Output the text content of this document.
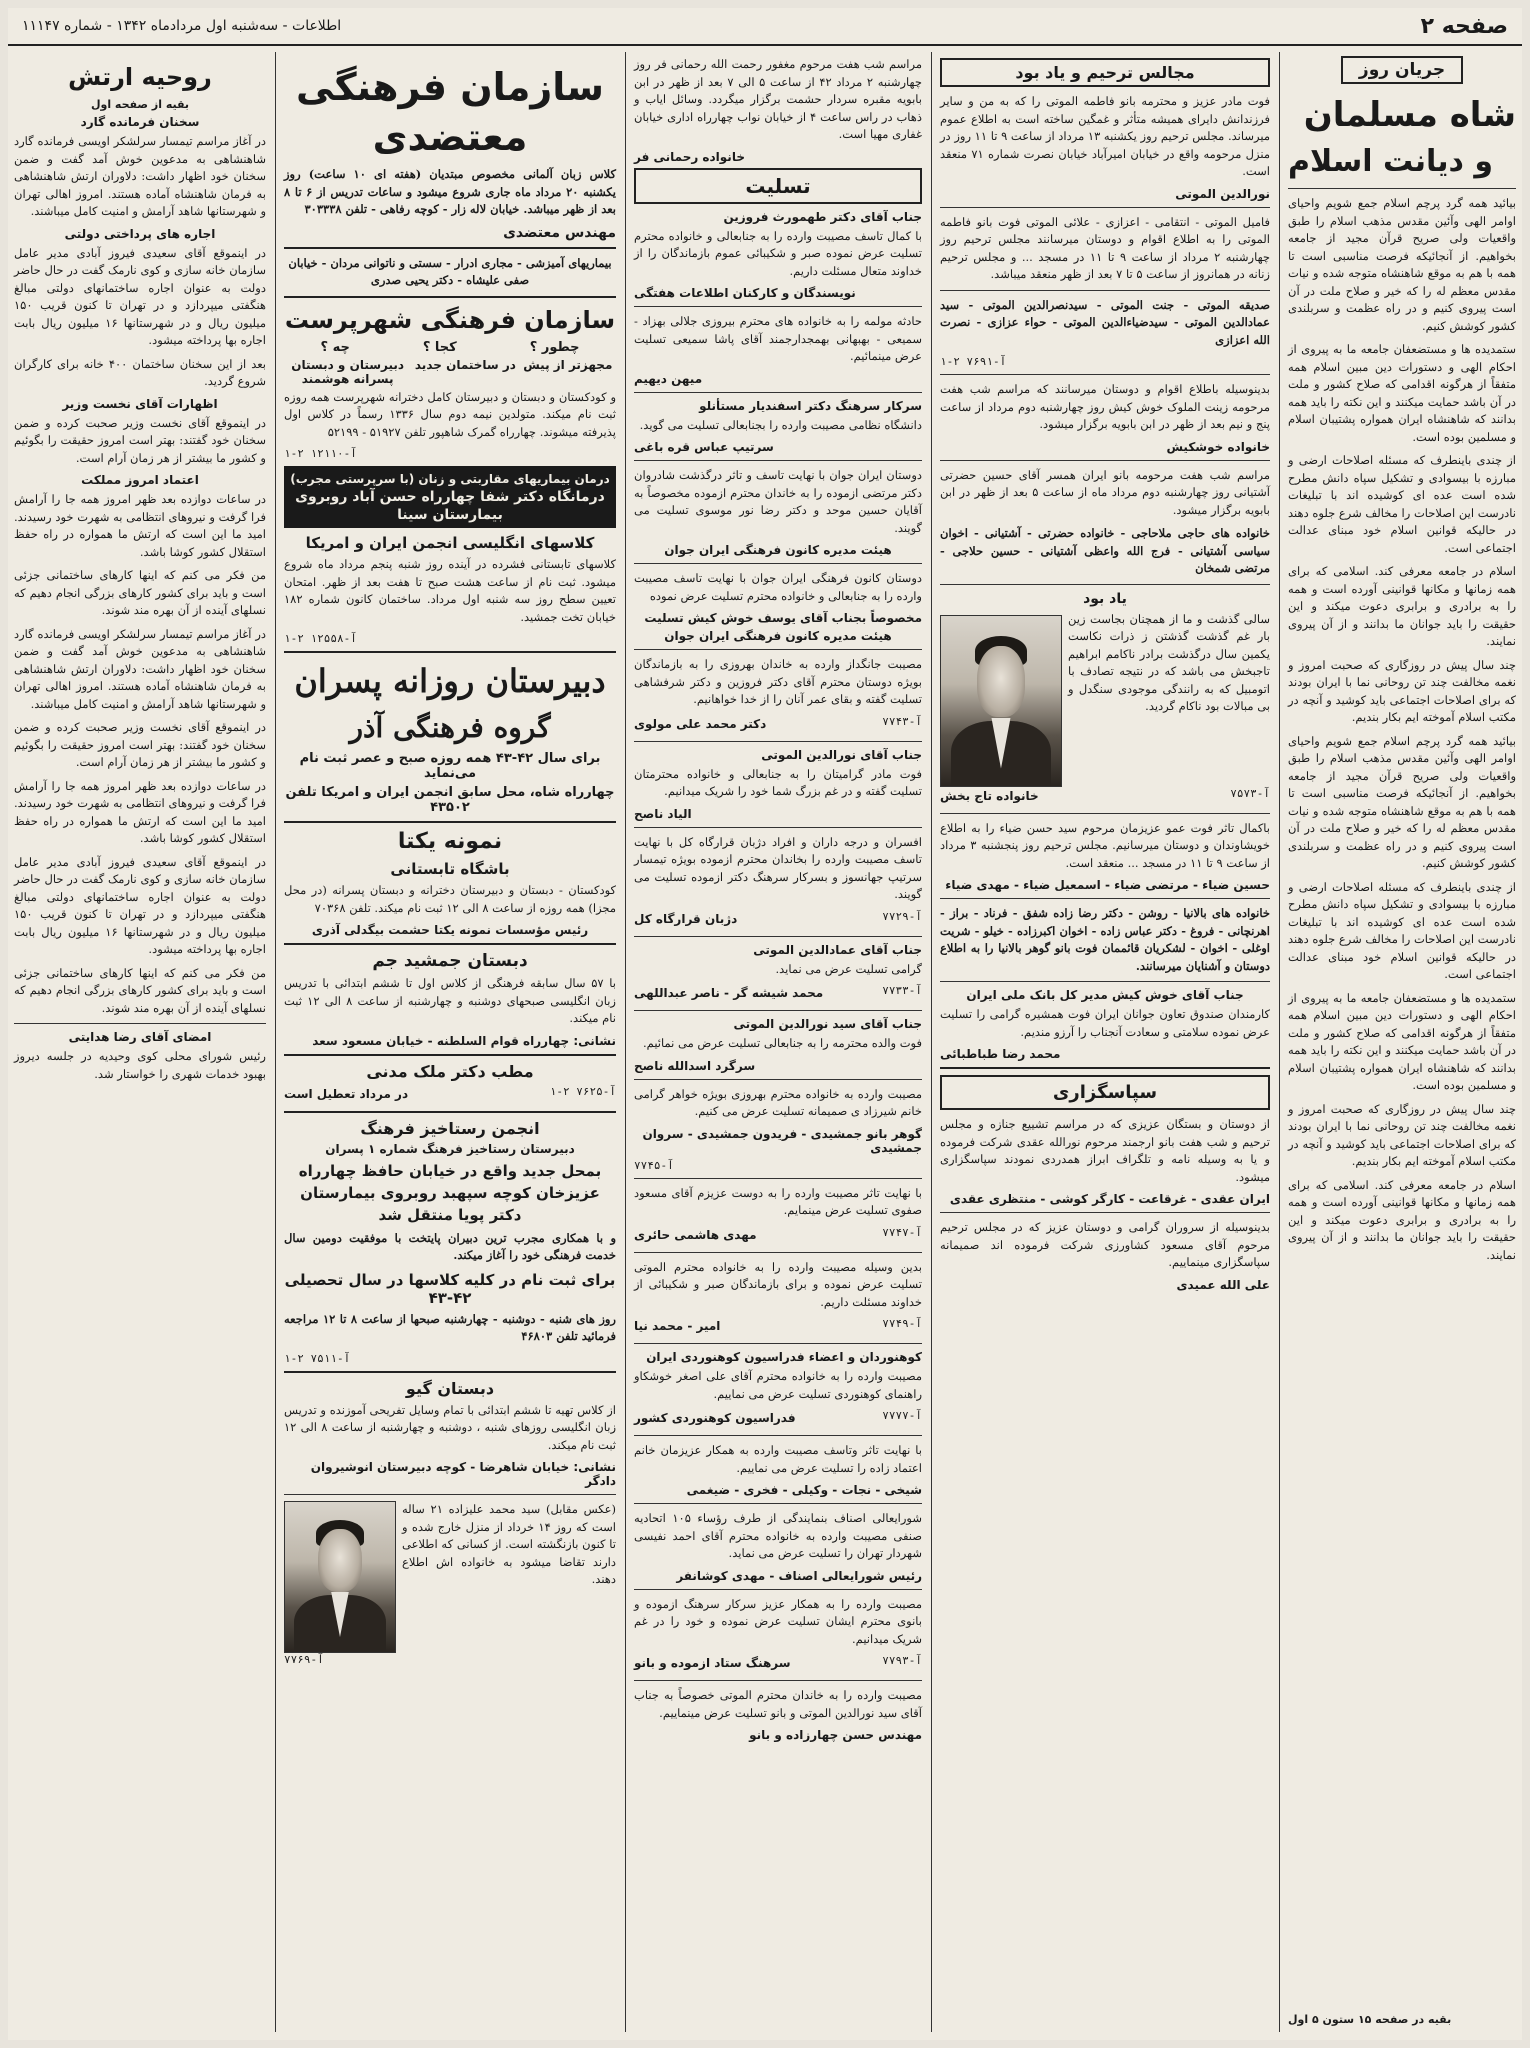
صفحه ۲
اطلاعات - سه‌شنبه اول مرداد‌ماه ۱۳۴۲ - شماره ۱۱۱۴۷
جریان روز
شاه مسلمان
و دیانت اسلام

بیائید همه گرد پرچم اسلام جمع شویم واحیای اوامر الهی وآئین مقدس مذهب اسلام را طبق واقعیات ولی صریح قرآن مجید از جامعه بخواهیم. از آنجائیکه فرصت مناسبی است تا همه با هم به موقع شاهنشاه متوجه شده و نیات مقدس معظم له را که خیر و صلاح ملت در آن است پیروی کنیم و در راه عظمت و سربلندی کشور کوشش کنیم.

ستمدیده ها و مستضعفان جامعه ما به پیروی از احکام الهی و دستورات دین مبین اسلام همه متفقاً از هرگونه اقدامی که صلاح کشور و ملت در آن باشد حمایت میکنند و این نکته را باید همه بدانند که شاهنشاه ایران همواره پشتیبان اسلام و مسلمین بوده است.

از چندی باینطرف که مسئله اصلاحات ارضی و مبارزه با بیسوادی و تشکیل سپاه دانش مطرح شده است عده ای کوشیده اند با تبلیغات نادرست این اصلاحات را مخالف شرع جلوه دهند در حالیکه قوانین اسلام خود مبنای عدالت اجتماعی است.

اسلام در جامعه معرفی کند. اسلامی که برای همه زمانها و مکانها قوانینی آورده است و همه را به برادری و برابری دعوت میکند و این حقیقت را باید جوانان ما بدانند و از آن پیروی نمایند.

چند سال پیش در روزگاری که صحبت امروز و نغمه مخالفت چند تن روحانی نما با ایران بودند که برای اصلاحات اجتماعی باید کوشید و آنچه در مکتب اسلام آموخته ایم بکار بندیم.

بیائید همه گرد پرچم اسلام جمع شویم واحیای اوامر الهی وآئین مقدس مذهب اسلام را طبق واقعیات ولی صریح قرآن مجید از جامعه بخواهیم. از آنجائیکه فرصت مناسبی است تا همه با هم به موقع شاهنشاه متوجه شده و نیات مقدس معظم له را که خیر و صلاح ملت در آن است پیروی کنیم و در راه عظمت و سربلندی کشور کوشش کنیم.

از چندی باینطرف که مسئله اصلاحات ارضی و مبارزه با بیسوادی و تشکیل سپاه دانش مطرح شده است عده ای کوشیده اند با تبلیغات نادرست این اصلاحات را مخالف شرع جلوه دهند در حالیکه قوانین اسلام خود مبنای عدالت اجتماعی است.

ستمدیده ها و مستضعفان جامعه ما به پیروی از احکام الهی و دستورات دین مبین اسلام همه متفقاً از هرگونه اقدامی که صلاح کشور و ملت در آن باشد حمایت میکنند و این نکته را باید همه بدانند که شاهنشاه ایران همواره پشتیبان اسلام و مسلمین بوده است.

چند سال پیش در روزگاری که صحبت امروز و نغمه مخالفت چند تن روحانی نما با ایران بودند که برای اصلاحات اجتماعی باید کوشید و آنچه در مکتب اسلام آموخته ایم بکار بندیم.

اسلام در جامعه معرفی کند. اسلامی که برای همه زمانها و مکانها قوانینی آورده است و همه را به برادری و برابری دعوت میکند و این حقیقت را باید جوانان ما بدانند و از آن پیروی نمایند.

بقیه در صفحه ۱۵ ستون ۵ اول
مجالس ترحیم و یاد بود

فوت مادر عزیز و محترمه بانو فاطمه الموتی را که به من و سایر فرزندانش دایرای همیشه متأثر و غمگین ساخته است به اطلاع عموم میرساند. مجلس ترحیم روز یکشنبه ۱۳ مرداد از ساعت ۹ تا ۱۱ روز در منزل مرحومه واقع در خیابان امیرآباد خیابان نصرت شماره ۷۱ منعقد است.

نورالدین الموتی

فامیل الموتی - انتقامی - اعزازی - علائی الموتی فوت بانو فاطمه الموتی را به اطلاع اقوام و دوستان میرسانند مجلس ترحیم روز چهارشنبه ۲ مرداد از ساعت ۹ تا ۱۱ در مسجد ... و مجلس ترحیم زنانه در همانروز از ساعت ۵ تا ۷ بعد از ظهر منعقد میباشد.

صدیقه الموتی - جنت الموتی - سیدنصرالدین الموتی - سید عمادالدین الموتی - سیدضیاءالدین الموتی - حواء عزازی - نصرت الله اعزازی

آ-۷۶۹۱ ۲-۱

بدینوسیله باطلاع اقوام و دوستان میرسانند که مراسم شب هفت مرحومه زینت الملوک خوش کیش روز چهارشنبه دوم مرداد از ساعت پنج و نیم بعد از ظهر در ابن بابویه برگزار میشود.

خانواده خوشکیش

مراسم شب هفت مرحومه بانو ایران همسر آقای حسین حضرتی آشتیانی روز چهارشنبه دوم مرداد ماه از ساعت ۵ بعد از ظهر در ابن بابویه برگزار میشود.

خانواده های حاجی ملاحاجی - خانواده حضرتی - آشتیانی - اخوان سیاسی آشتیانی - فرج الله واعظی آشتیانی - حسین حلاجی - مرتضی شمخان

یاد بود

سالی گذشت و ما از همچنان بجاست زین بار غم گذشت گذشتن ز ذرات نکاست یکمین سال درگذشت برادر ناکامم ابراهیم تاجبخش می باشد که در نتیجه تصادف با اتومبیل که به رانندگی موجودی سنگدل و بی مبالات بود ناکام گردید.

آ-۷۵۷۳
خانواده تاج بخش

باکمال تاثر فوت عمو عزیزمان مرحوم سید حسن ضیاء را به اطلاع خویشاوندان و دوستان میرسانیم. مجلس ترحیم روز پنجشنبه ۳ مرداد از ساعت ۹ تا ۱۱ در مسجد ... منعقد است.

حسین ضیاء - مرتضی ضیاء - اسمعیل ضیاء - مهدی ضیاء

خانواده های بالانیا - روشن - دکتر رضا زاده شفق - فرناد - براز - اهرنچانی - فروغ - دکتر عباس زاده - اخوان اکبرزاده - خیلو - شریت اوغلی - اخوان - لشکریان قائممان فوت بانو گوهر بالانیا را به اطلاع دوستان و آشنایان میرسانند.

جناب آقای خوش کیش مدیر کل بانک ملی ایران

کارمندان صندوق تعاون جوانان ایران فوت همشیره گرامی را تسلیت عرض نموده سلامتی و سعادت آنجناب را آرزو مندیم.

محمد رضا طباطبائی
سپاسگزاری

از دوستان و بستگان عزیزی که در مراسم تشییع جنازه و مجلس ترحیم و شب هفت بانو ارجمند مرحوم نورالله عقدی شرکت فرموده و یا به وسیله نامه و تلگراف ابراز همدردی نمودند سپاسگزاری میشود.

ایران عقدی - غرقاعت - کارگر کوشی - منتظری عقدی

بدینوسیله از سروران گرامی و دوستان عزیز که در مجلس ترحیم مرحوم آقای مسعود کشاورزی شرکت فرموده اند صمیمانه سپاسگزاری مینماییم.

علی الله عمیدی

مراسم شب هفت مرحوم مغفور رحمت الله رحمانی فر روز چهارشنبه ۲ مرداد ۴۲ از ساعت ۵ الی ۷ بعد از ظهر در ابن بابویه مقبره سردار حشمت برگزار میگردد. وسائل ایاب و ذهاب در راس ساعت ۴ از خیابان نواب چهارراه اداری خیابان غفاری مهیا است.

خانواده رحمانی فر
تسلیت
جناب آقای دکتر طهمورث فروزین

با کمال تاسف مصیبت وارده را به جنابعالی و خانواده محترم تسلیت عرض نموده صبر و شکیبائی عموم بازماندگان را از خداوند متعال مسئلت داریم.

نویسندگان و کارکنان اطلاعات هفتگی

حادثه مولمه را به خانواده های محترم بیروزی جلالی بهزاد - سمیعی - بهبهانی بهمجدارجمند آقای پاشا سمیعی تسلیت عرض مینمائیم.

میهن دیهیم
سرکار سرهنگ دکتر اسفندیار مستأنلو

دانشگاه نظامی مصیبت وارده را بجنابعالی تسلیت می گوید.

سرتیپ عباس قره باغی

دوستان ایران جوان با نهایت تاسف و تاثر درگذشت شادروان دکتر مرتضی ازموده را به خاندان محترم ازموده مخصوصاً به آقایان حسین موحد و دکتر رضا نور موسوی تسلیت می گویند.

هیئت مدیره کانون فرهنگی ایران جوان

دوستان کانون فرهنگی ایران جوان با نهایت تاسف مصیبت وارده را به جنابعالی و خانواده محترم تسلیت عرض نموده

مخصوصاً بجناب آقای یوسف خوش کیش تسلیت
هیئت مدیره کانون فرهنگی ایران جوان

مصیبت جانگداز وارده به خاندان بهروزی را به بازماندگان بویژه دوستان محترم آقای دکتر فروزین و دکتر شرفشاهی تسلیت گفته و بقای عمر آنان را از خدا خواهانیم.

آ-۷۷۴۳
دکتر محمد علی مولوی
جناب آقای نورالدین الموتی

فوت مادر گرامیتان را به جنابعالی و خانواده محترمتان تسلیت گفته و در غم بزرگ شما خود را شریک میدانیم.

الیاد ناصح

افسران و درجه داران و افراد دژبان قرارگاه کل با نهایت تاسف مصیبت وارده را بخاندان محترم ازموده بویژه تیمسار سرتیپ جهانسوز و بسرکار سرهنگ دکتر ازموده تسلیت می گویند.

آ-۷۷۲۹
دژبان قرارگاه کل
جناب آقای عمادالدین الموتی

گرامی تسلیت عرض می نماید.

آ-۷۷۳۳
محمد شیشه گر - ناصر عبداللهی
جناب آقای سید نورالدین الموتی

فوت والده محترمه را به جنابعالی تسلیت عرض می نمائیم.

سرگرد اسدالله ناصح

مصیبت وارده به خانواده محترم بهروزی بویژه خواهر گرامی خانم شیرزاد ی صمیمانه تسلیت عرض می کنیم.

گوهر بانو جمشیدی - فریدون جمشیدی - سروان جمشیدی
آ-۷۷۴۵

با نهایت تاثر مصیبت وارده را به دوست عزیزم آقای مسعود صفوی تسلیت عرض مینمایم.

آ-۷۷۴۷
مهدی هاشمی حائری

بدین وسیله مصیبت وارده را به خانواده محترم الموتی تسلیت عرض نموده و برای بازماندگان صبر و شکیبائی از خداوند مسئلت داریم.

آ-۷۷۴۹
امیر - محمد نیا
کوهنوردان و اعضاء فدراسیون کوهنوردی ایران

مصیبت وارده را به خانواده محترم آقای علی اصغر خوشکاو راهنمای کوهنوردی تسلیت عرض می نماییم.

آ-۷۷۷۷
فدراسیون کوهنوردی کشور

با نهایت تاثر وتاسف مصیبت وارده به همکار عزیزمان خانم اعتماد زاده را تسلیت عرض می نماییم.

شیخی - نجات - وکیلی - فخری - ضیغمی

شورایعالی اصناف بنمایندگی از طرف رؤساء ۱۰۵ اتحادیه صنفی مصیبت وارده به خانواده محترم آقای احمد نفیسی شهردار تهران را تسلیت عرض می نماید.

رئیس شورایعالی اصناف - مهدی کوشانفر

مصیبت وارده را به همکار عزیز سرکار سرهنگ ازموده و بانوی محترم ایشان تسلیت عرض نموده و خود را در غم شریک میدانیم.

آ-۷۷۹۳
سرهنگ ستاد ازموده و بانو

مصیبت وارده را به خاندان محترم الموتی خصوصاً به جناب آقای سید نورالدین الموتی و بانو تسلیت عرض مینماییم.

مهندس حسن چهارزاده و بانو
سازمان فرهنگی معتضدی

کلاس زبان آلمانی مخصوص مبتدیان (هفته ای ۱۰ ساعت) روز یکشنبه ۲۰ مرداد ماه جاری شروع میشود و ساعات تدریس از ۶ تا ۸ بعد از ظهر میباشد. خیابان لاله زار - کوچه رفاهی - تلفن ۳۰۳۳۳۸

مهندس معتضدی

بیماریهای آمیزشی - مجاری ادرار - سستی و ناتوانی مردان - خیابان صفی علیشاه - دکتر یحیی صدری

سازمان فرهنگی شهرپرست
چطور ؟
کجا ؟
چه ؟
مجهزتر از پیش
در ساختمان جدید
دبیرستان و دبستان پسرانه هوشمند

و کودکستان و دبستان و دبیرستان کامل دخترانه شهرپرست همه روزه ثبت نام میکند. متولدین نیمه دوم سال ۱۳۳۶ رسماً در کلاس اول پذیرفته میشوند. چهارراه گمرک شاهپور تلفن ۵۱۹۲۷ - ۵۲۱۹۹

آ-۱۲۱۱۰ ۲-۱
درمان بیماریهای مقاربتی و زنان (با سرپرستی مجرب)
درمانگاه دکتر شفا چهارراه حسن آباد روبروی بیمارستان سینا
کلاسهای انگلیسی انجمن ایران و امریکا

کلاسهای تابستانی فشرده در آینده روز شنبه پنجم مرداد ماه شروع میشود. ثبت نام از ساعت هشت صبح تا هفت بعد از ظهر. امتحان تعیین سطح روز سه شنبه اول مرداد. ساختمان کانون شماره ۱۸۲ خیابان تخت جمشید.

آ-۱۲۵۵۸ ۲-۱
دبیرستان روزانه پسران
گروه فرهنگی آذر
برای سال ۴۲-۴۳ همه روزه صبح و عصر ثبت نام می‌نماید
چهارراه شاه، محل سابق انجمن ایران و امریکا تلفن ۴۳۵۰۲
نمونه یکتا
باشگاه تابستانی

کودکستان - دبستان و دبیرستان دخترانه و دبستان پسرانه (در محل مجزا) همه روزه از ساعت ۸ الی ۱۲ ثبت نام میکند. تلفن ۷۰۳۶۸

رئیس مؤسسات نمونه یکتا حشمت بیگدلی آذری
دبستان جمشید جم

با ۵۷ سال سابقه فرهنگی از کلاس اول تا ششم ابتدائی با تدریس زبان انگلیسی صبحهای دوشنبه و چهارشنبه از ساعت ۸ الی ۱۲ ثبت نام میکند.

نشانی: چهارراه قوام السلطنه - خیابان مسعود سعد
مطب دکتر ملک مدنی
آ-۷۶۲۵ ۲-۱
در مرداد تعطیل است
انجمن رستاخیز فرهنگ
دبیرستان رستاخیز فرهنگ شماره ۱ پسران
بمحل جدید واقع در خیابان حافظ چهارراه عزیزخان کوچه سپهبد روبروی بیمارستان دکتر پویا منتقل شد

و با همکاری مجرب ترین دبیران پایتخت با موفقیت دومین سال خدمت فرهنگی خود را آغاز میکند.

برای ثبت نام در کلیه کلاسها در سال تحصیلی ۴۲-۴۳

روز های شنبه - دوشنبه - چهارشنبه صبحها از ساعت ۸ تا ۱۲ مراجعه فرمائید تلفن ۴۶۸۰۳

آ-۷۵۱۱ ۲-۱
دبستان گیو

از کلاس تهیه تا ششم ابتدائی با تمام وسایل تفریحی آموزنده و تدریس زبان انگلیسی روزهای شنبه ، دوشنبه و چهارشنبه از ساعت ۸ الی ۱۲ ثبت نام میکند.

نشانی: خیابان شاهرضا - کوچه دبیرستان انوشیروان دادگر

(عکس مقابل) سید محمد علیزاده ۲۱ ساله است که روز ۱۴ خرداد از منزل خارج شده و تا کنون بازنگشته است. از کسانی که اطلاعی دارند تقاضا میشود به خانواده اش اطلاع دهند.

آ-۷۷۶۹
روحیه ارتش
بقیه از صفحه اول
سخنان فرمانده گارد

در آغاز مراسم تیمسار سرلشکر اویسی فرمانده گارد شاهنشاهی به مدعوین خوش آمد گفت و ضمن سخنان خود اظهار داشت: دلاوران ارتش شاهنشاهی به فرمان شاهنشاه آماده هستند. امروز اهالی تهران و شهرستانها شاهد آرامش و امنیت کامل میباشند.

اجاره های پرداختی دولتی

در اینموقع آقای سعیدی فیروز آبادی مدیر عامل سازمان خانه سازی و کوی نارمک گفت در حال حاضر دولت به عنوان اجاره ساختمانهای دولتی مبالغ هنگفتی میپردازد و در تهران تا کنون قریب ۱۵۰ میلیون ریال و در شهرستانها ۱۶ میلیون ریال بابت اجاره بها پرداخته میشود.

بعد از این سخنان ساختمان ۴۰۰ خانه برای کارگران شروع گردید.

اظهارات آقای نخست وزیر

در اینموقع آقای نخست وزیر صحبت کرده و ضمن سخنان خود گفتند: بهتر است امروز حقیقت را بگوئیم و کشور ما بیشتر از هر زمان آرام است.

اعتماد امروز مملکت

در ساعات دوازده بعد ظهر امروز همه جا را آرامش فرا گرفت و نیروهای انتظامی به شهرت خود رسیدند. امید ما این است که ارتش ما همواره در راه حفظ استقلال کشور کوشا باشد.

من فکر می کنم که اینها کارهای ساختمانی جزئی است و باید برای کشور کارهای بزرگی انجام دهیم که نسلهای آینده از آن بهره مند شوند.

در آغاز مراسم تیمسار سرلشکر اویسی فرمانده گارد شاهنشاهی به مدعوین خوش آمد گفت و ضمن سخنان خود اظهار داشت: دلاوران ارتش شاهنشاهی به فرمان شاهنشاه آماده هستند. امروز اهالی تهران و شهرستانها شاهد آرامش و امنیت کامل میباشند.

در اینموقع آقای نخست وزیر صحبت کرده و ضمن سخنان خود گفتند: بهتر است امروز حقیقت را بگوئیم و کشور ما بیشتر از هر زمان آرام است.

در ساعات دوازده بعد ظهر امروز همه جا را آرامش فرا گرفت و نیروهای انتظامی به شهرت خود رسیدند. امید ما این است که ارتش ما همواره در راه حفظ استقلال کشور کوشا باشد.

در اینموقع آقای سعیدی فیروز آبادی مدیر عامل سازمان خانه سازی و کوی نارمک گفت در حال حاضر دولت به عنوان اجاره ساختمانهای دولتی مبالغ هنگفتی میپردازد و در تهران تا کنون قریب ۱۵۰ میلیون ریال و در شهرستانها ۱۶ میلیون ریال بابت اجاره بها پرداخته میشود.

من فکر می کنم که اینها کارهای ساختمانی جزئی است و باید برای کشور کارهای بزرگی انجام دهیم که نسلهای آینده از آن بهره مند شوند.

امضای آقای رضا هدایتی

رئیس شورای محلی کوی وحیدیه در جلسه دیروز بهبود خدمات شهری را خواستار شد.
